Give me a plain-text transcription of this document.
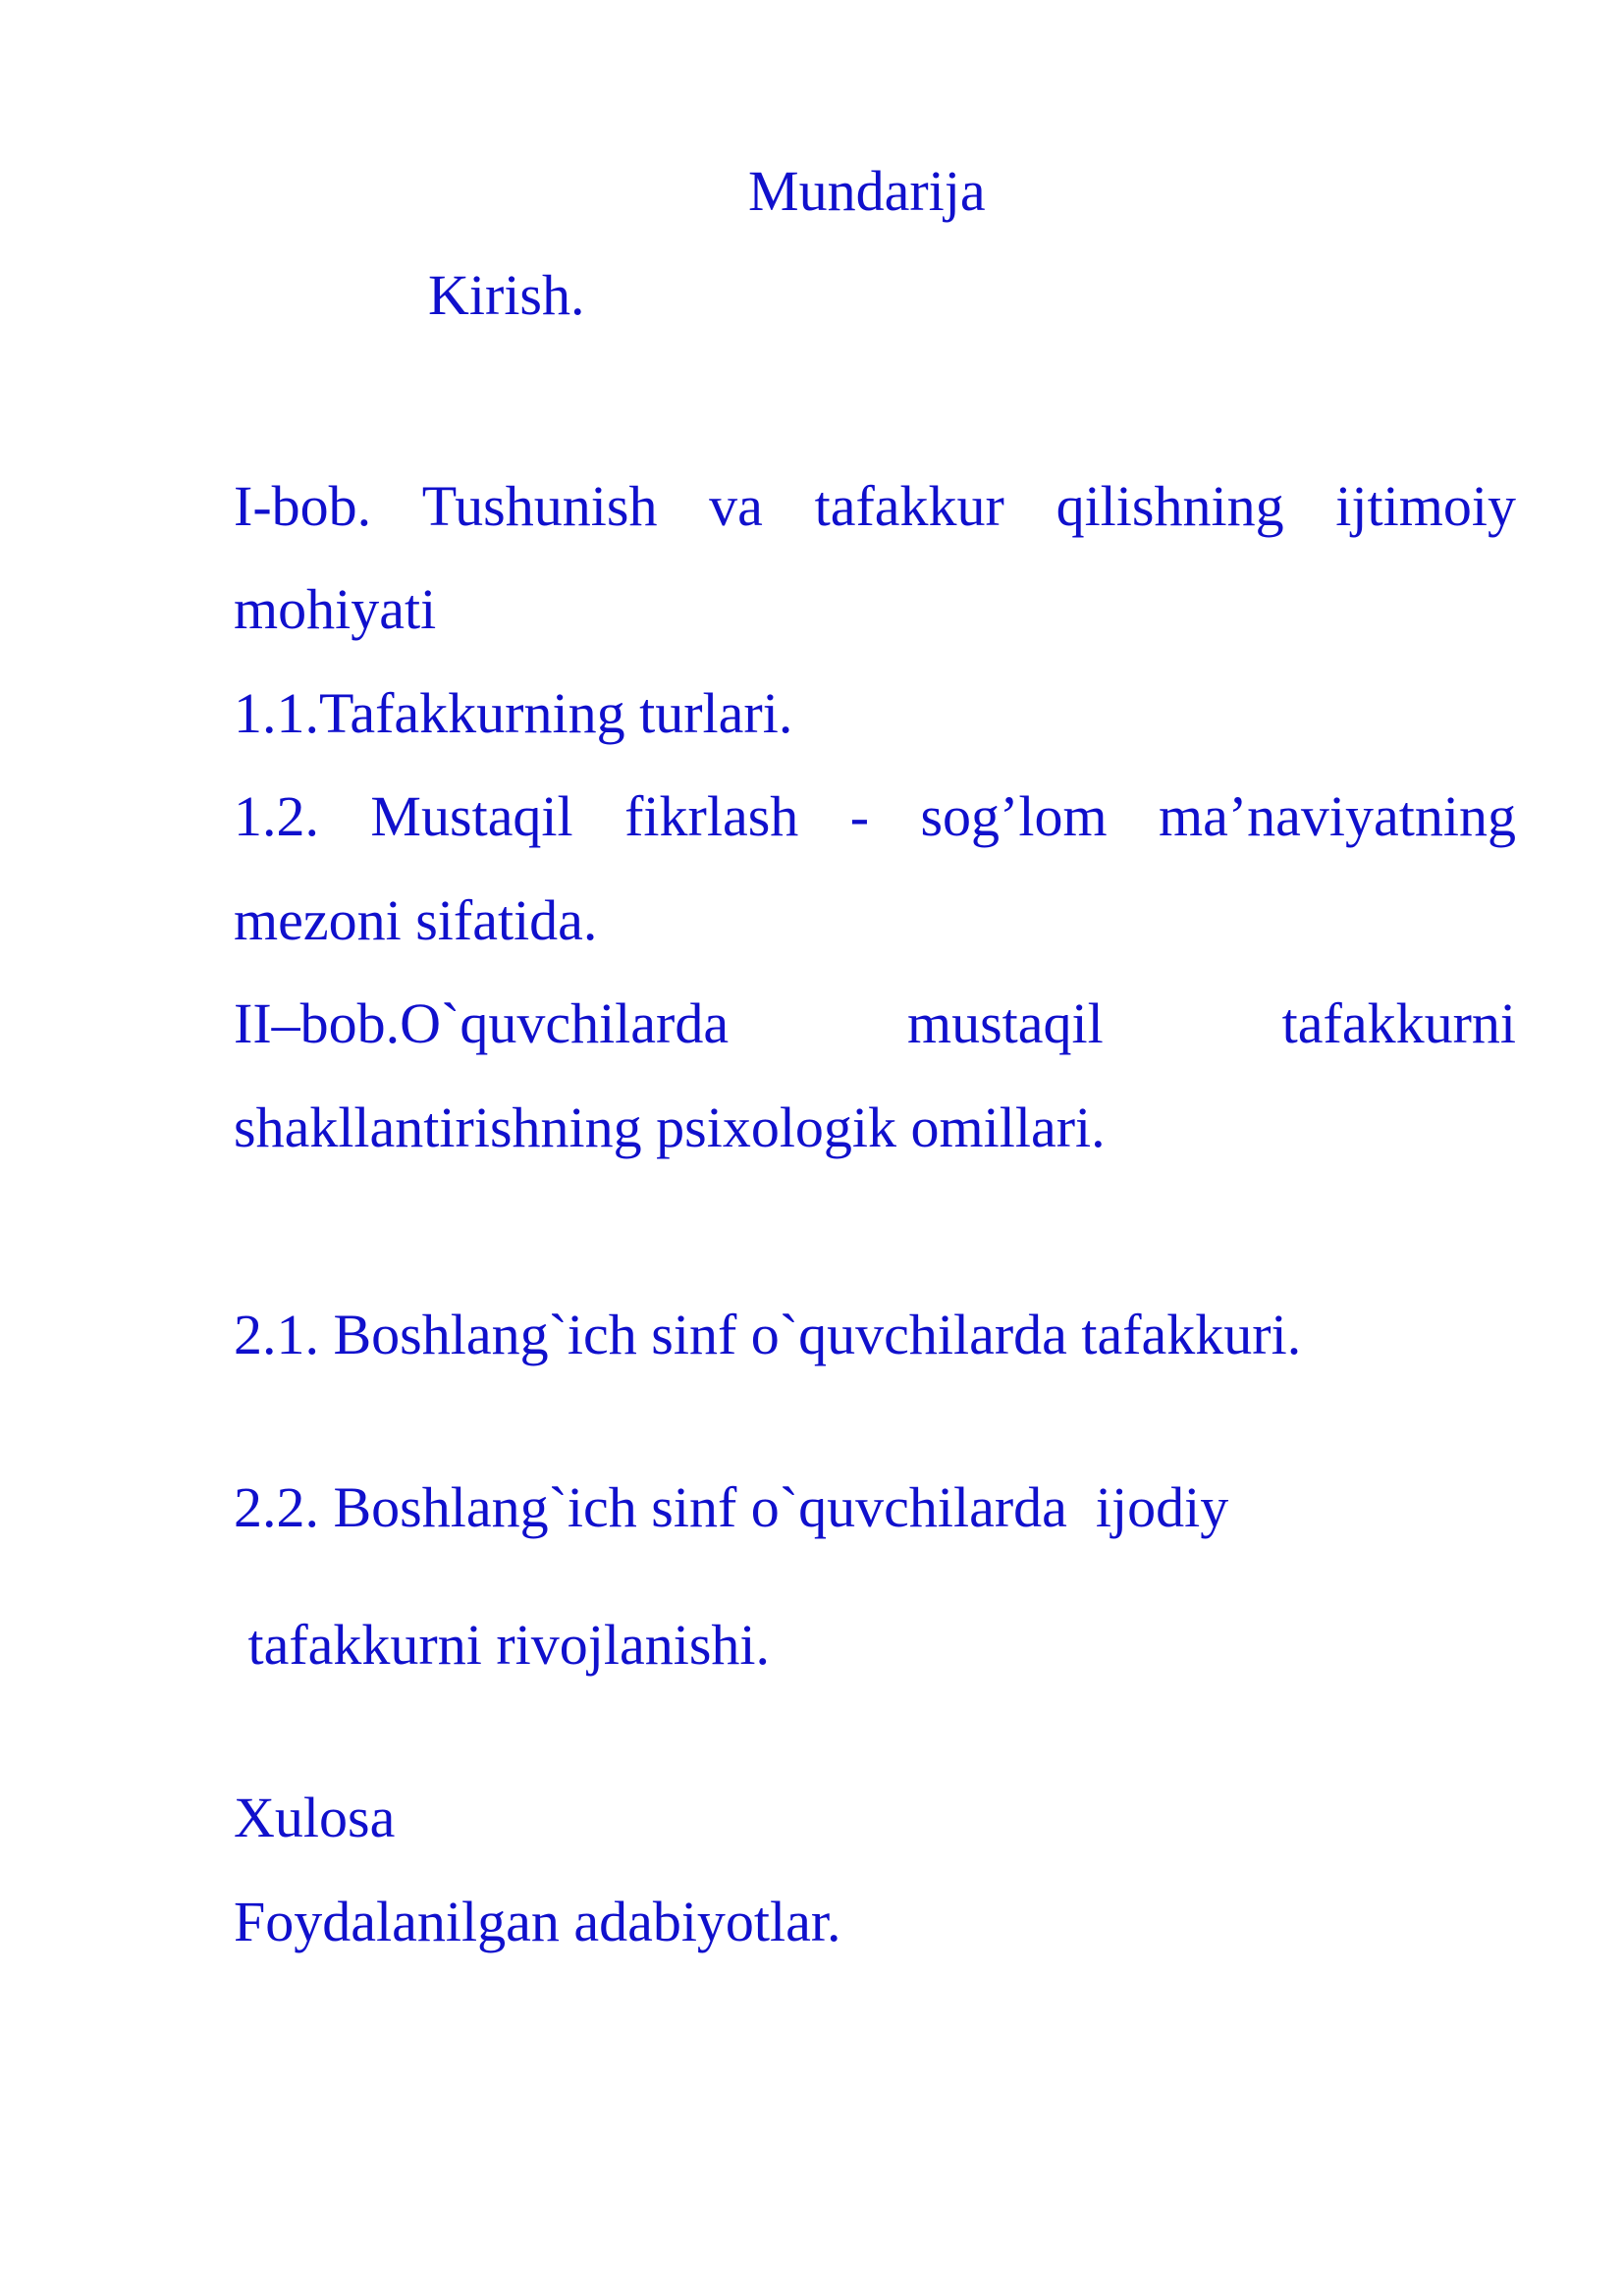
Mundarija
Kirish.
I-bob. Tushunish va tafakkur qilishning ijtimoiy
mohiyati
1.1.Tafakkurning turlari.
1.2. Mustaqil fikrlash - sog’lom ma’naviyatning
mezoni sifatida.
II–bob.O`quvchilarda mustaqil tafakkurni
shakllantirishning psixologik omillari.
2.1. Boshlang`ich sinf o`quvchilarda tafakkuri.
2.2. Boshlang`ich sinf o`quvchilarda  ijodiy
tafakkurni rivojlanishi.
Xulosa
Foydalanilgan adabiyotlar.
